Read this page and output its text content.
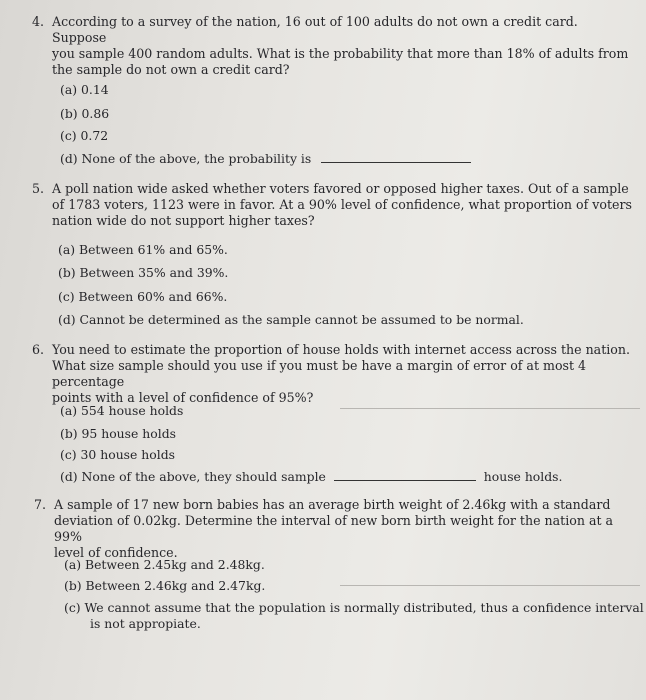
4. According to a survey of the nation, 16 out of 100 adults do not own a credit card. Suppose
you sample 400 random adults. What is the probability that more than 18% of adults from
the sample do not own a credit card?
(a) 0.14
(b) 0.86
(c) 0.72
(d) None of the above, the probability is
5. A poll nation wide asked whether voters favored or opposed higher taxes. Out of a sample
of 1783 voters, 1123 were in favor. At a 90% level of confidence, what proportion of voters
nation wide do not support higher taxes?
(a) Between 61% and 65%.
(b) Between 35% and 39%.
(c) Between 60% and 66%.
(d) Cannot be determined as the sample cannot be assumed to be normal.
6. You need to estimate the proportion of house holds with internet access across the nation.
What size sample should you use if you must be have a margin of error of at most 4 percentage
points with a level of confidence of 95%?
(a) 554 house holds
(b) 95 house holds
(c) 30 house holds
(d) None of the above, they should sample	house holds.
7. A sample of 17 new born babies has an average birth weight of 2.46kg with a standard
deviation of 0.02kg. Determine the interval of new born birth weight for the nation at a 99%
level of confidence.
(a) Between 2.45kg and 2.48kg.
(b) Between 2.46kg and 2.47kg.
(c) We cannot assume that the population is normally distributed, thus a confidence interval
is not appropiate.
